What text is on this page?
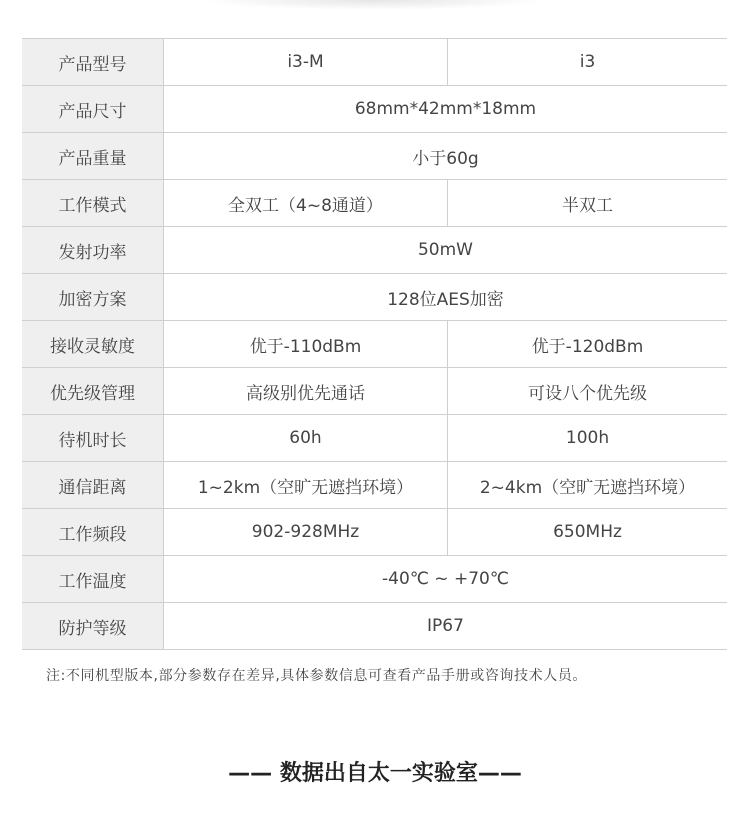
产品型号	i3-M	i3
产品尺寸	68mm*42mm*18mm	
产品重量	小于60g	
工作模式	全双工（4~8通道）	半双工
发射功率	50mW	
加密方案	128位AES加密	
接收灵敏度	优于-110dBm	优于-120dBm
优先级管理	高级别优先通话	可设八个优先级
待机时长	60h	100h
通信距离	1~2km（空旷无遮挡环境）	2~4km（空旷无遮挡环境）
工作频段	902-928MHz	650MHz
工作温度	-40℃ ~ +70℃	
防护等级	IP67	
注:不同机型版本,部分参数存在差异,具体参数信息可查看产品手册或咨询技术人员。
—— 数据出自太一实验室——
